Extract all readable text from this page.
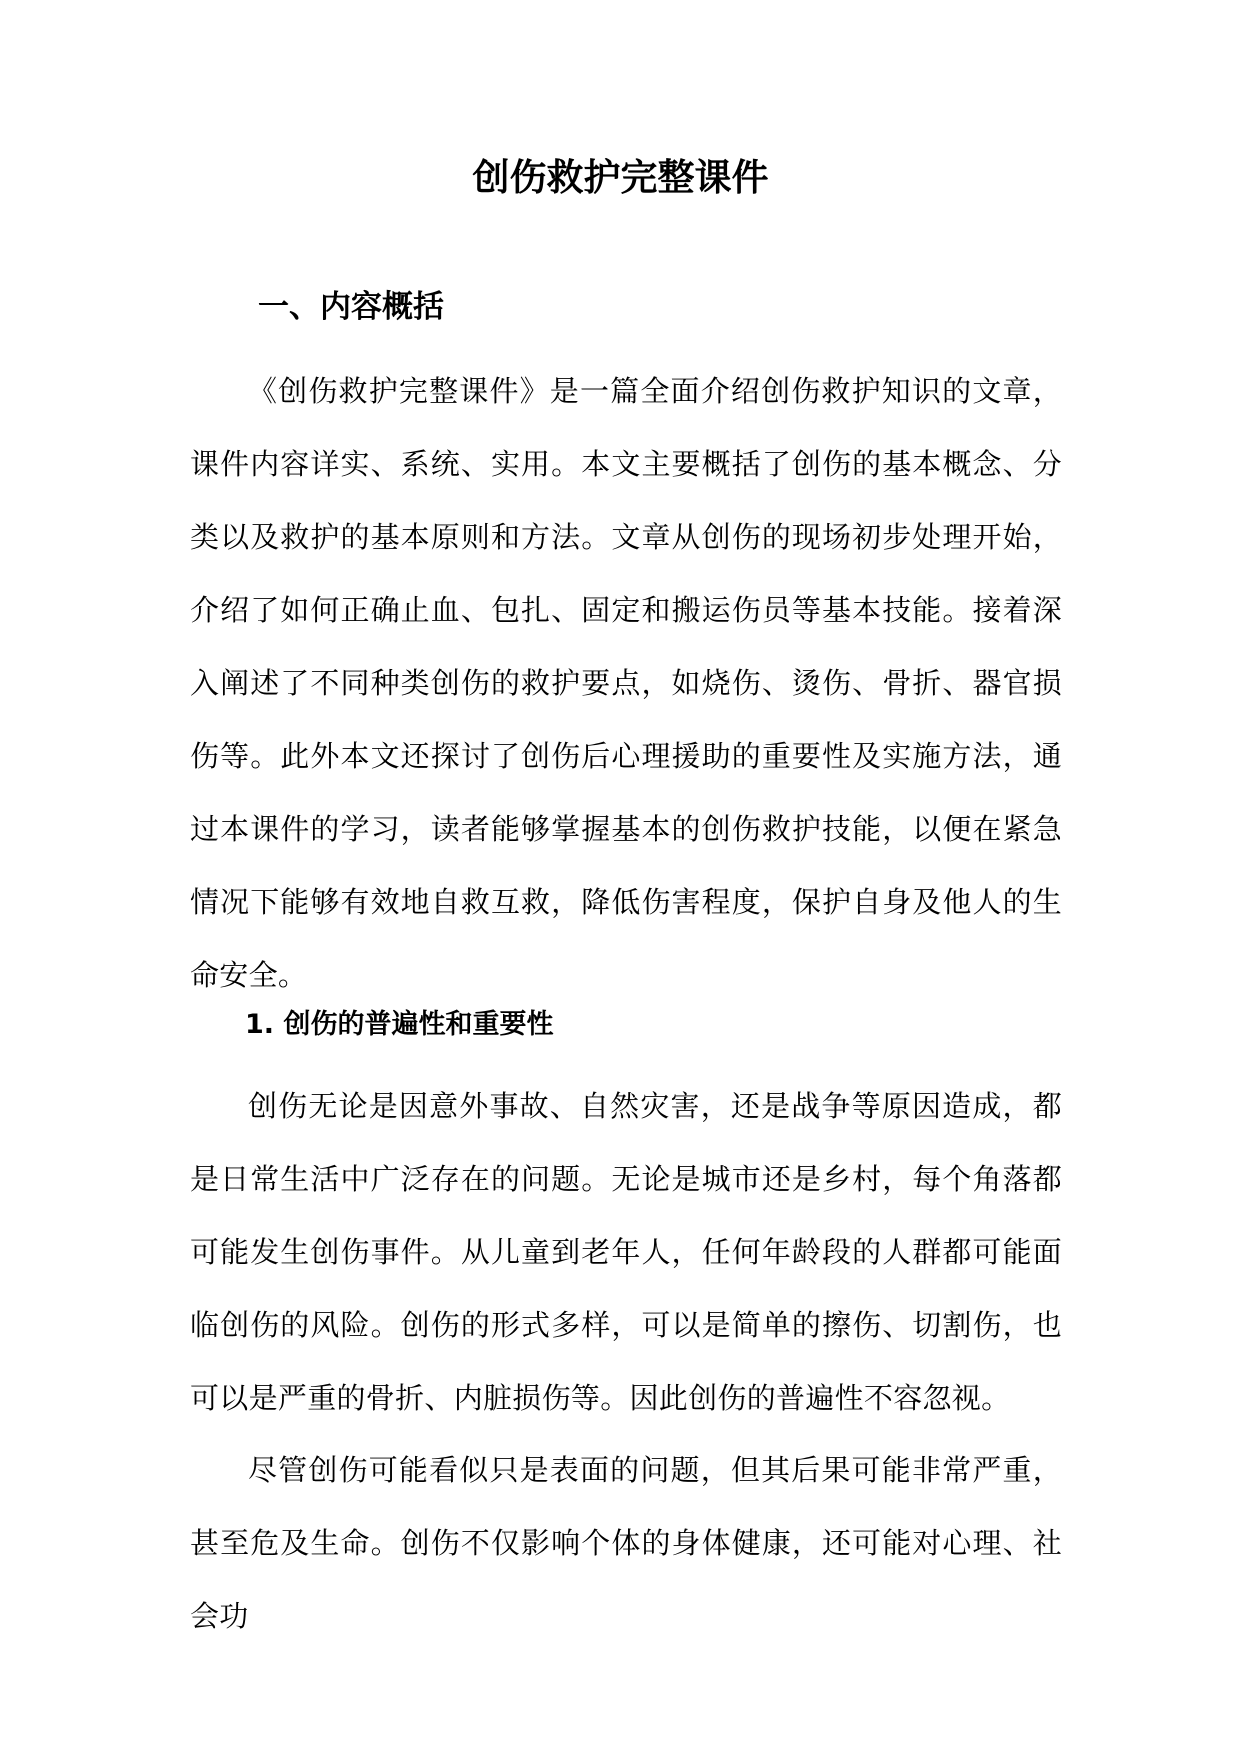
创伤救护完整课件
一、内容概括

《创伤救护完整课件》是一篇全面介绍创伤救护知识的文章，课件内容详实、系统、实用。本文主要概括了创伤的基本概念、分类以及救护的基本原则和方法。文章从创伤的现场初步处理开始，介绍了如何正确止血、包扎、固定和搬运伤员等基本技能。接着深入阐述了不同种类创伤的救护要点，如烧伤、烫伤、骨折、器官损伤等。此外本文还探讨了创伤后心理援助的重要性及实施方法，通过本课件的学习，读者能够掌握基本的创伤救护技能，以便在紧急情况下能够有效地自救互救，降低伤害程度，保护自身及他人的生命安全。

1. 创伤的普遍性和重要性

创伤无论是因意外事故、自然灾害，还是战争等原因造成，都是日常生活中广泛存在的问题。无论是城市还是乡村，每个角落都可能发生创伤事件。从儿童到老年人，任何年龄段的人群都可能面临创伤的风险。创伤的形式多样，可以是简单的擦伤、切割伤，也可以是严重的骨折、内脏损伤等。因此创伤的普遍性不容忽视。

尽管创伤可能看似只是表面的问题，但其后果可能非常严重，甚至危及生命。创伤不仅影响个体的身体健康，还可能对心理、社会功
